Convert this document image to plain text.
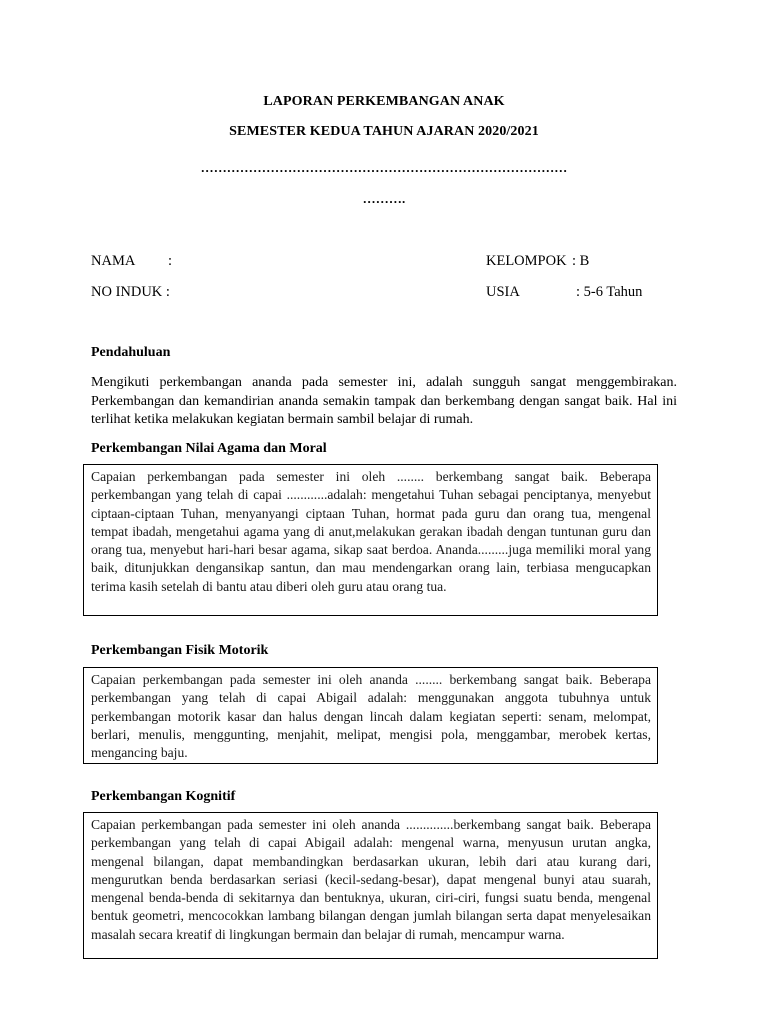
LAPORAN PERKEMBANGAN ANAK
SEMESTER KEDUA TAHUN AJARAN 2020/2021
…………………………………………………………………………
……….
NAMA :	KELOMPOK : B
NO INDUK :	USIA	: 5-6 Tahun
Pendahuluan

Mengikuti perkembangan ananda pada semester ini, adalah sungguh sangat menggembirakan. Perkembangan dan kemandirian ananda semakin tampak dan berkembang dengan sangat baik. Hal ini terlihat ketika melakukan kegiatan bermain sambil belajar di rumah.

Perkembangan Nilai Agama dan Moral

Capaian perkembangan pada semester ini oleh ........ berkembang sangat baik. Beberapa perkembangan yang telah di capai ............adalah: mengetahui Tuhan sebagai penciptanya, menyebut ciptaan-ciptaan Tuhan, menyanyangi ciptaan Tuhan, hormat pada guru dan orang tua, mengenal tempat ibadah, mengetahui agama yang di anut,melakukan gerakan ibadah dengan tuntunan guru dan orang tua, menyebut hari-hari besar agama, sikap saat berdoa. Ananda.........juga memiliki moral yang baik, ditunjukkan dengansikap santun, dan mau mendengarkan orang lain, terbiasa mengucapkan terima kasih setelah di bantu atau diberi oleh guru atau orang tua.

Perkembangan Fisik Motorik

Capaian perkembangan pada semester ini oleh ananda ........ berkembang sangat baik. Beberapa perkembangan yang telah di capai Abigail adalah: menggunakan anggota tubuhnya untuk perkembangan motorik kasar dan halus dengan lincah dalam kegiatan seperti: senam, melompat, berlari, menulis, menggunting, menjahit, melipat, mengisi pola, menggambar, merobek kertas, mengancing baju.

Perkembangan Kognitif

Capaian perkembangan pada semester ini oleh ananda ..............berkembang sangat baik. Beberapa perkembangan yang telah di capai Abigail adalah: mengenal warna, menyusun urutan angka, mengenal bilangan, dapat membandingkan berdasarkan ukuran, lebih dari atau kurang dari, mengurutkan benda berdasarkan seriasi (kecil-sedang-besar), dapat mengenal bunyi atau suarah, mengenal benda-benda di sekitarnya dan bentuknya, ukuran, ciri-ciri, fungsi suatu benda, mengenal bentuk geometri, mencocokkan lambang bilangan dengan jumlah bilangan serta dapat menyelesaikan masalah secara kreatif di lingkungan bermain dan belajar di rumah, mencampur warna.
